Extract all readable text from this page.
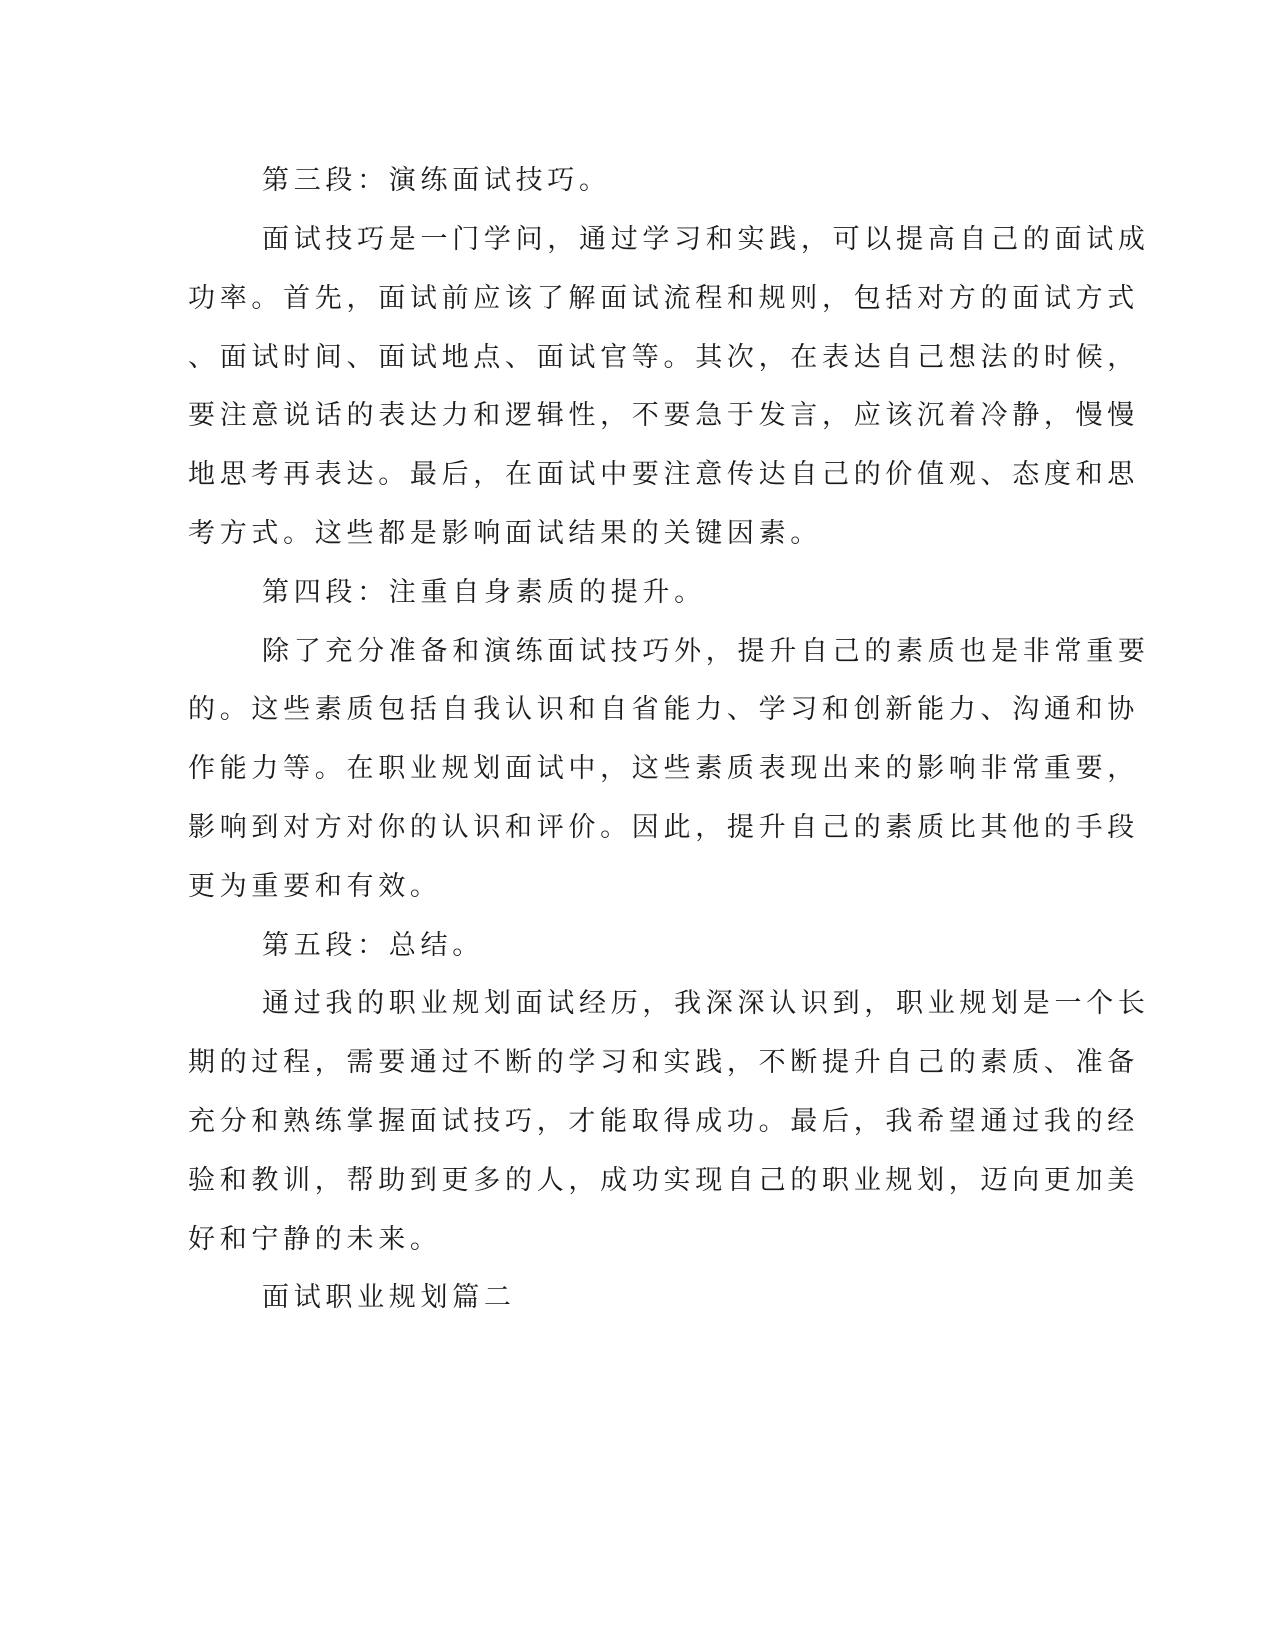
第三段：演练面试技巧。
面试技巧是一门学问，通过学习和实践，可以提高自己的面试成
功率。首先，面试前应该了解面试流程和规则，包括对方的面试方式
、面试时间、面试地点、面试官等。其次，在表达自己想法的时候，
要注意说话的表达力和逻辑性，不要急于发言，应该沉着冷静，慢慢
地思考再表达。最后，在面试中要注意传达自己的价值观、态度和思
考方式。这些都是影响面试结果的关键因素。
第四段：注重自身素质的提升。
除了充分准备和演练面试技巧外，提升自己的素质也是非常重要
的。这些素质包括自我认识和自省能力、学习和创新能力、沟通和协
作能力等。在职业规划面试中，这些素质表现出来的影响非常重要，
影响到对方对你的认识和评价。因此，提升自己的素质比其他的手段
更为重要和有效。
第五段：总结。
通过我的职业规划面试经历，我深深认识到，职业规划是一个长
期的过程，需要通过不断的学习和实践，不断提升自己的素质、准备
充分和熟练掌握面试技巧，才能取得成功。最后，我希望通过我的经
验和教训，帮助到更多的人，成功实现自己的职业规划，迈向更加美
好和宁静的未来。
面试职业规划篇二
